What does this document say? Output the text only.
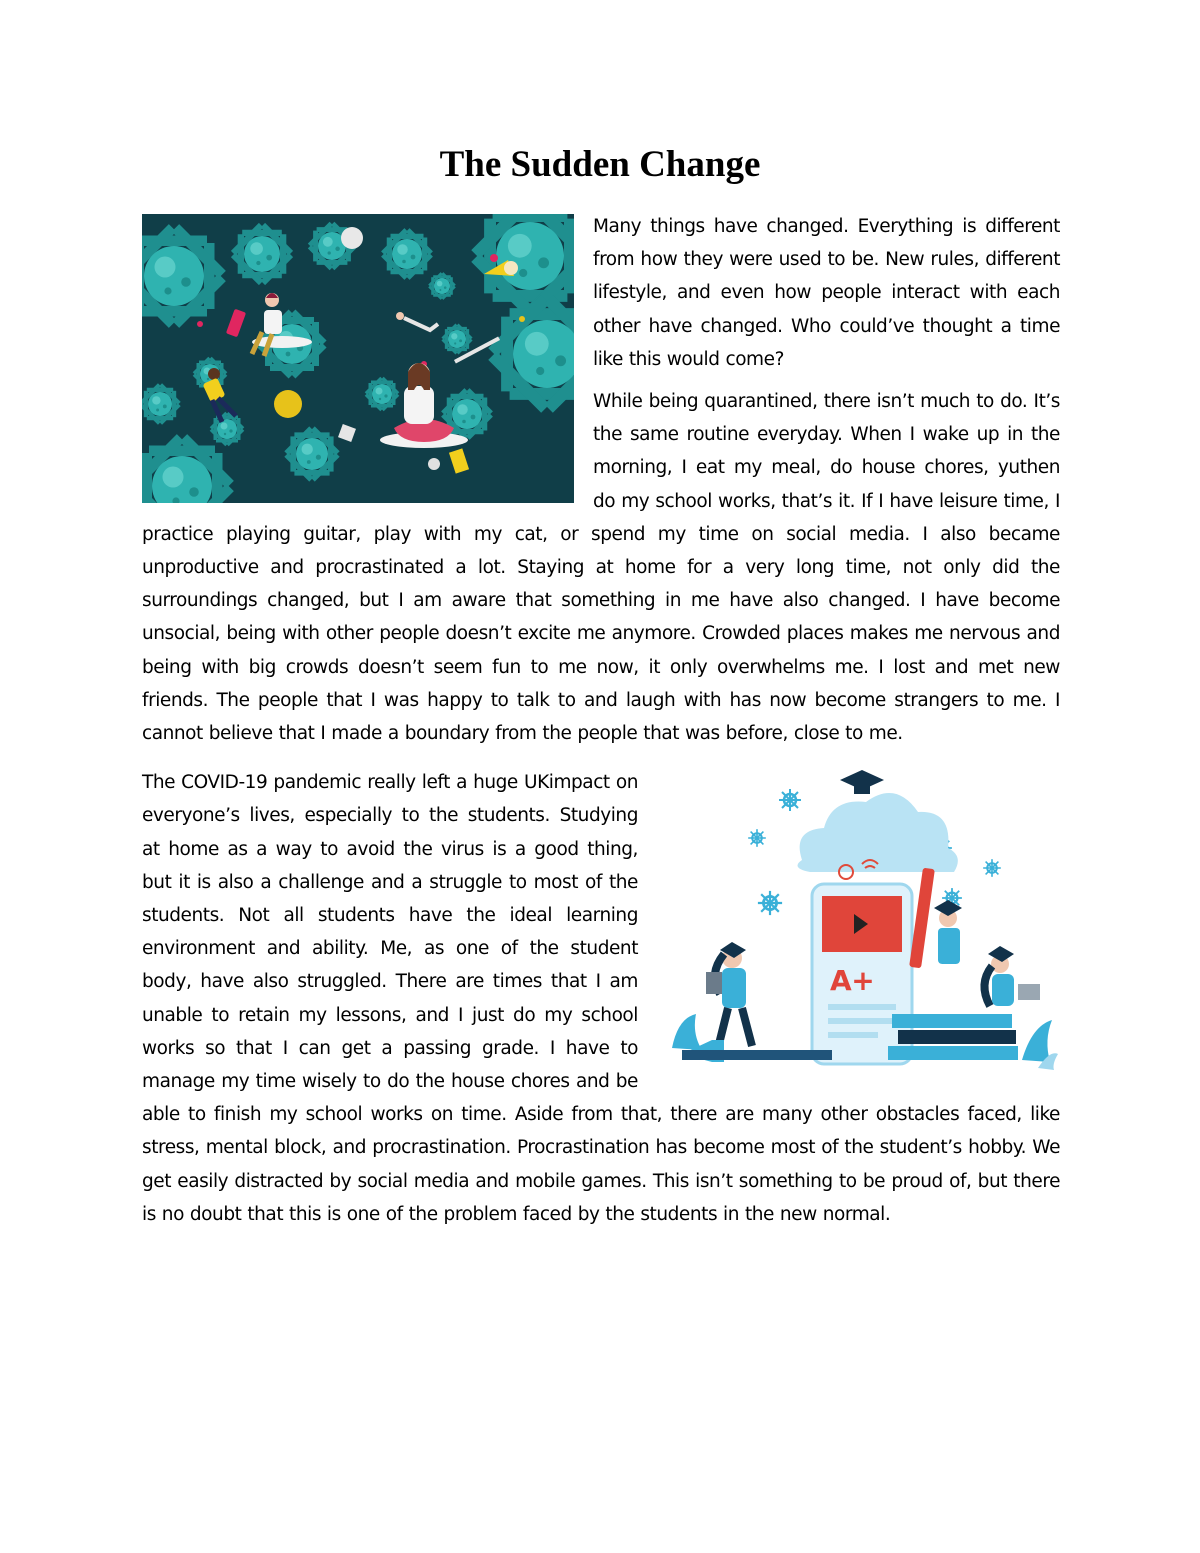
The Sudden Change

Many things have changed. Everything is different from how they were used to be. New rules, different lifestyle, and even how people interact with each other have changed. Who could’ve thought a time like this would come?

While being quarantined, there isn’t much to do. It’s the same routine everyday. When I wake up in the morning, I eat my meal, do house chores, yuthen do my school works, that’s it. If I have leisure time, I practice playing guitar, play with my cat, or spend my time on social media. I also became unproductive and procrastinated a lot. Staying at home for a very long time, not only did the surroundings changed, but I am aware that something in me have also changed. I have become unsocial, being with other people doesn’t excite me anymore. Crowded places makes me nervous and being with big crowds doesn’t seem fun to me now, it only overwhelms me. I lost and met new friends. The people that I was happy to talk to and laugh with has now become strangers to me. I cannot believe that I made a boundary from the people that was before, close to me.

A+

The COVID-19 pandemic really left a huge UKimpact on everyone’s lives, especially to the students. Studying at home as a way to avoid the virus is a good thing, but it is also a challenge and a struggle to most of the students. Not all students have the ideal learning environment and ability. Me, as one of the student body, have also struggled. There are times that I am unable to retain my lessons, and I just do my school works so that I can get a passing grade. I have to manage my time wisely to do the house chores and be able to finish my school works on time. Aside from that, there are many other obstacles faced, like stress, mental block, and procrastination. Procrastination has become most of the student’s hobby. We get easily distracted by social media and mobile games. This isn’t something to be proud of, but there is no doubt that this is one of the problem faced by the students in the new normal.
